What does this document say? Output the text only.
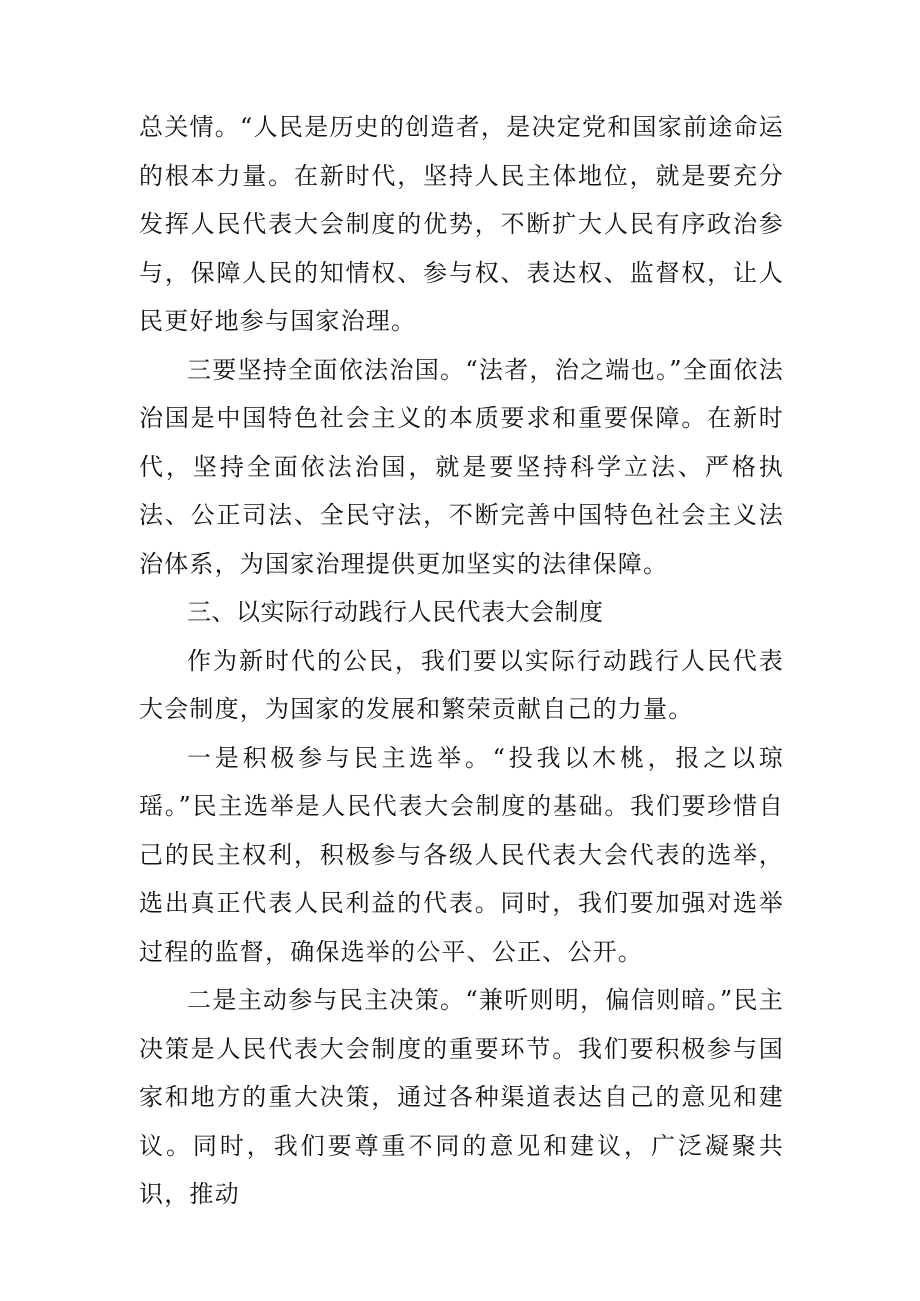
总关情。“人民是历史的创造者，是决定党和国家前途命运的根本力量。在新时代，坚持人民主体地位，就是要充分发挥人民代表大会制度的优势，不断扩大人民有序政治参与，保障人民的知情权、参与权、表达权、监督权，让人民更好地参与国家治理。

三要坚持全面依法治国。“法者，治之端也。”全面依法治国是中国特色社会主义的本质要求和重要保障。在新时代，坚持全面依法治国，就是要坚持科学立法、严格执法、公正司法、全民守法，不断完善中国特色社会主义法治体系，为国家治理提供更加坚实的法律保障。

三、以实际行动践行人民代表大会制度

作为新时代的公民，我们要以实际行动践行人民代表大会制度，为国家的发展和繁荣贡献自己的力量。

一是积极参与民主选举。“投我以木桃，报之以琼瑶。”民主选举是人民代表大会制度的基础。我们要珍惜自己的民主权利，积极参与各级人民代表大会代表的选举，选出真正代表人民利益的代表。同时，我们要加强对选举过程的监督，确保选举的公平、公正、公开。

二是主动参与民主决策。“兼听则明，偏信则暗。”民主决策是人民代表大会制度的重要环节。我们要积极参与国家和地方的重大决策，通过各种渠道表达自己的意见和建议。同时，我们要尊重不同的意见和建议，广泛凝聚共识，推动
